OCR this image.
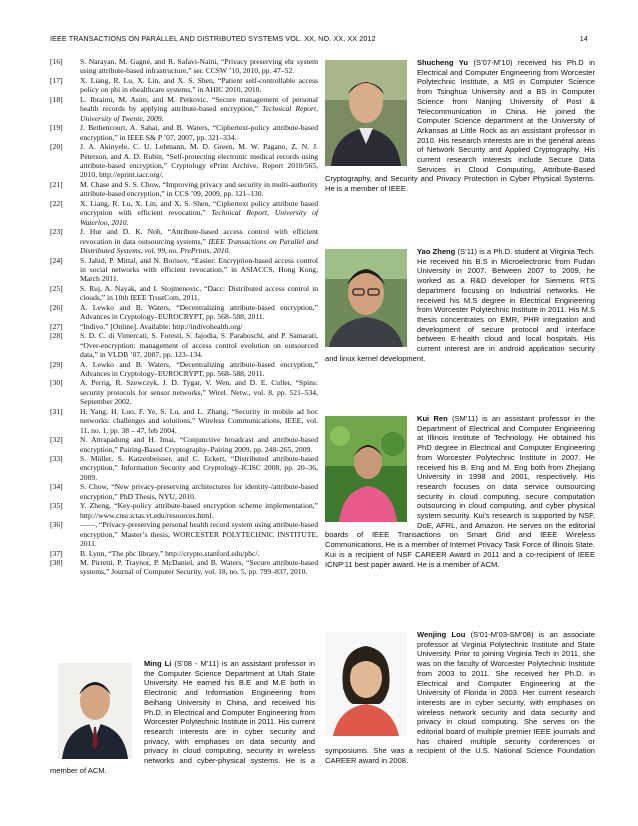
IEEE TRANSACTIONS ON PARALLEL AND DISTRIBUTED SYSTEMS VOL. XX, NO. XX, XX 2012	14
[16] S. Narayan, M. Gagné, and R. Safavi-Naini, “Privacy preserving ehr system using attribute-based infrastructure,” ser. CCSW ’10, 2010, pp. 47–52.
[17] X. Liang, R. Lu, X. Lin, and X. S. Shen, “Patient self-controllable access policy on phi in ehealthcare systems,” in AHIC 2010, 2010.
[18] L. Ibraimi, M. Asim, and M. Petkovic, “Secure management of personal health records by applying attribute-based encryption,” Technical Report, University of Twente, 2009.
[19] J. Bethencourt, A. Sahai, and B. Waters, “Ciphertext-policy attribute-based encryption,” in IEEE S& P ’07, 2007, pp. 321–334.
[20] J. A. Akinyele, C. U. Lehmann, M. D. Green, M. W. Pagano, Z. N. J. Peterson, and A. D. Rubin, “Self-protecting electronic medical records using attribute-based encryption,” Cryptology ePrint Archive, Report 2010/565, 2010, http://eprint.iacr.org/.
[21] M. Chase and S. S. Chow, “Improving privacy and security in multi-authority attribute-based encryption,” in CCS ’09, 2009, pp. 121–130.
[22] X. Liang, R. Lu, X. Lin, and X. S. Shen, “Ciphertext policy attribute based encryption with efficient revocation,” Technical Report, University of Waterloo, 2010.
[23] J. Hur and D. K. Noh, “Attribute-based access control with efficient revocation in data outsourcing systems,” IEEE Transactions on Parallel and Distributed Systems, vol. 99, no. PrePrints, 2010.
[24] S. Jahid, P. Mittal, and N. Borisov, “Easier: Encryption-based access control in social networks with efficient revocation,” in ASIACCS, Hong Kong, March 2011.
[25] S. Ruj, A. Nayak, and I. Stojmenovic, “Dacc: Distributed access control in clouds,” in 10th IEEE TrustCom, 2011.
[26] A. Lewko and B. Waters, “Decentralizing attribute-based encryption,” Advances in Cryptology–EUROCRYPT, pp. 568–588, 2011.
[27] “Indivo.” [Online]. Available: http://indivohealth.org/
[28] S. D. C. di Vimercati, S. Foresti, S. Jajodia, S. Paraboschi, and P. Samarati, “Over-encryption: management of access control evolution on outsourced data,” in VLDB ’07, 2007, pp. 123–134.
[29] A. Lewko and B. Waters, “Decentralizing attribute-based encryption,” Advances in Cryptology–EUROCRYPT, pp. 568–588, 2011.
[30] A. Perrig, R. Szewczyk, J. D. Tygar, V. Wen, and D. E. Culler, “Spins: security protocols for sensor networks,” Wirel. Netw., vol. 8, pp. 521–534, September 2002.
[31] H. Yang, H. Luo, F. Ye, S. Lu, and L. Zhang, “Security in mobile ad hoc networks: challenges and solutions,” Wireless Communications, IEEE, vol. 11, no. 1, pp. 38 – 47, feb 2004.
[32] N. Attrapadung and H. Imai, “Conjunctive broadcast and attribute-based encryption,” Pairing-Based Cryptography–Pairing 2009, pp. 248–265, 2009.
[33] S. Müller, S. Katzenbeisser, and C. Eckert, “Distributed attribute-based encryption,” Information Security and Cryptology–ICISC 2008, pp. 20–36, 2009.
[34] S. Chow, “New privacy-preserving architectures for identity-/attribute-based encryption,” PhD Thesis, NYU, 2010.
[35] Y. Zheng, “Key-policy attribute-based encryption scheme implementation,” http://www.cnsr.ictas.vt.edu/resources.html.
[36] ——, “Privacy-preserving personal health record system using attribute-based encryption,” Master’s thesis, WORCESTER POLYTECHNIC INSTITUTE, 2011.
[37] B. Lynn, “The pbc library,” http://crypto.stanford.edu/pbc/.
[38] M. Pirretti, P. Traynor, P. McDaniel, and B. Waters, “Secure attribute-based systems,” Journal of Computer Security, vol. 18, no. 5, pp. 799–837, 2010.
Shucheng Yu (S’07-M’10) received his Ph.D in Electrical and Computer Engineering from Worcester Polytechnic Institute, a MS in Computer Science from Tsinghua University and a BS in Computer Science from Nanjing University of Post & Telecommunication in China. He joined the Computer Science department at the University of Arkansas at Little Rock as an assistant professor in 2010. His research interests are in the general areas of Network Security and Applied Cryptography. His current research interests include Secure Data Services in Cloud Computing, Attribute-Based Cryptography, and Security and Privacy Protection in Cyber Physical Systems. He is a member of IEEE.
Yao Zheng (S’11) is a Ph.D. student at Virginia Tech. He received his B.S in Microelectronic from Fudan University in 2007. Between 2007 to 2009, he worked as a R&D developer for Siemens RTS department focusing on Industrial networks. He received his M.S degree in Electrical Engineering from Worcester Polytechnic Institute in 2011. His M.S thesis concentrates on EMR, PHR integration and development of secure protocol and interface between E-health cloud and local hospitals. His current interest are in android application security and linux kernel development.
Kui Ren (SM’11) is an assistant professor in the Department of Electrical and Computer Engineering at Illinois Institute of Technology. He obtained his PhD degree in Electrical and Computer Engineering from Worcester Polytechnic Institute in 2007. He received his B. Eng and M. Eng both from Zhejiang University in 1998 and 2001, respectively. His research focuses on data service outsourcing security in cloud computing, secure computation outsourcing in cloud computing, and cyber physical system security. Kui’s research is supported by NSF, DoE, AFRL, and Amazon. He serves on the editorial boards of IEEE Transactions on Smart Grid and IEEE Wireless Communications. He is a member of Internet Privacy Task Force of Illinois State. Kui is a recipient of NSF CAREER Award in 2011 and a co-recipient of IEEE ICNP’11 best paper award. He is a member of ACM.
Wenjing Lou (S’01-M’03-SM’08) is an associate professor at Virginia Polytechnic Institute and State University. Prior to joining Virginia Tech in 2011, she was on the faculty of Worcester Polytechnic Institute from 2003 to 2011. She received her Ph.D. in Electrical and Computer Engineering at the University of Florida in 2003. Her current research interests are in cyber security, with emphases on wireless network security and data security and privacy in cloud computing. She serves on the editorial board of multiple premier IEEE journals and has chaired multiple security conferences or symposiums. She was a recipient of the U.S. National Science Foundation CAREER award in 2008.
Ming Li (S’08 - M’11) is an assistant professor in the Computer Science Department at Utah State University. He earned his B.E and M.E both in Electronic and Information Engineering from Beihang University in China, and received his Ph.D. in Electrical and Computer Engineering from Worcester Polytechnic Institute in 2011. His current research interests are in cyber security and privacy, with emphases on data security and privacy in cloud computing, security in wireless networks and cyber-physical systems. He is a member of ACM.
